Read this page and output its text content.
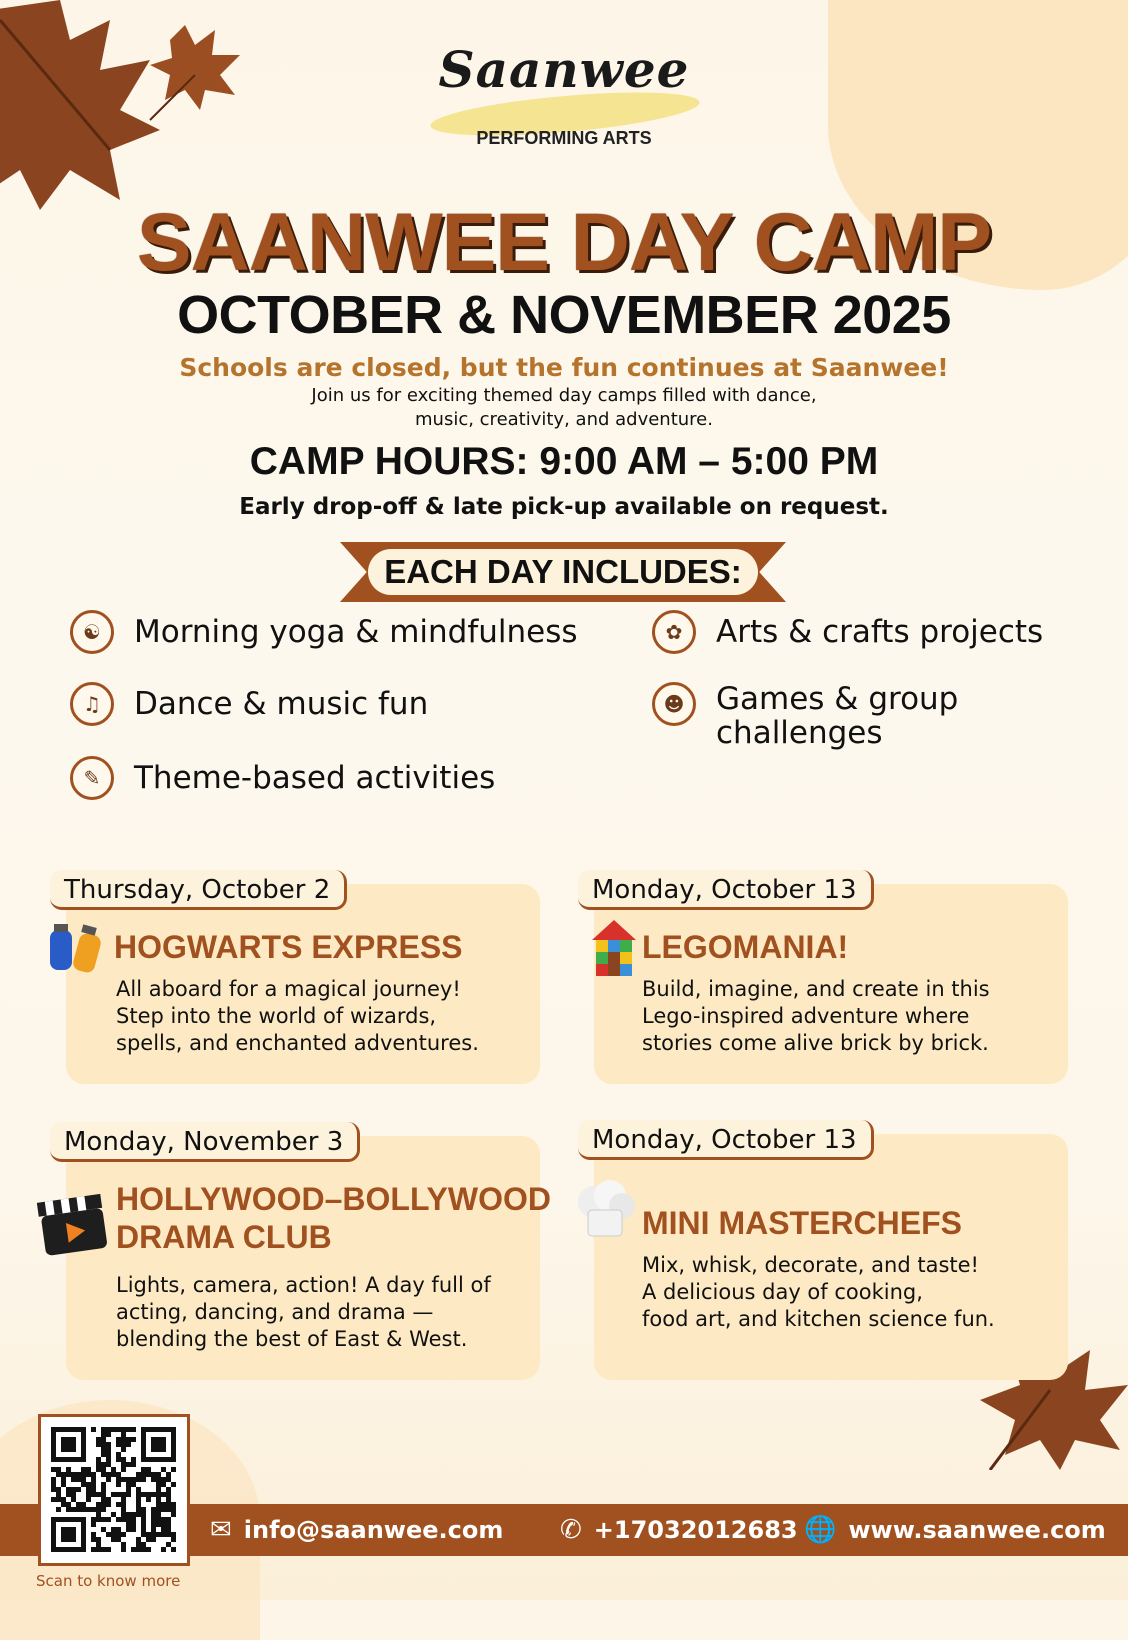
Saanwee
PERFORMING ARTS
SAANWEE DAY CAMP
OCTOBER & NOVEMBER 2025
Schools are closed, but the fun continues at Saanwee!
Join us for exciting themed day camps filled with dance,
music, creativity, and adventure.
CAMP HOURS: 9:00 AM – 5:00 PM
Early drop-off & late pick-up available on request.
EACH DAY INCLUDES:
☯	Morning yoga & mindfulness	✿	Arts & crafts projects
♫	Dance & music fun	☻	Games & group challenges
✎	Theme-based activities
Thursday, October 2
HOGWARTS EXPRESS
All aboard for a magical journey!
Step into the world of wizards,
spells, and enchanted adventures.
Monday, October 13
LEGOMANIA!
Build, imagine, and create in this
Lego-inspired adventure where
stories come alive brick by brick.
Monday, November 3
HOLLYWOOD–BOLLYWOOD
DRAMA CLUB
Lights, camera, action! A day full of
acting, dancing, and drama —
blending the best of East & West.
Monday, October 13
MINI MASTERCHEFS
Mix, whisk, decorate, and taste!
A delicious day of cooking,
food art, and kitchen science fun.
✉ info@saanwee.com ✆ +17032012683 🌐 www.saanwee.com
Scan to know more
